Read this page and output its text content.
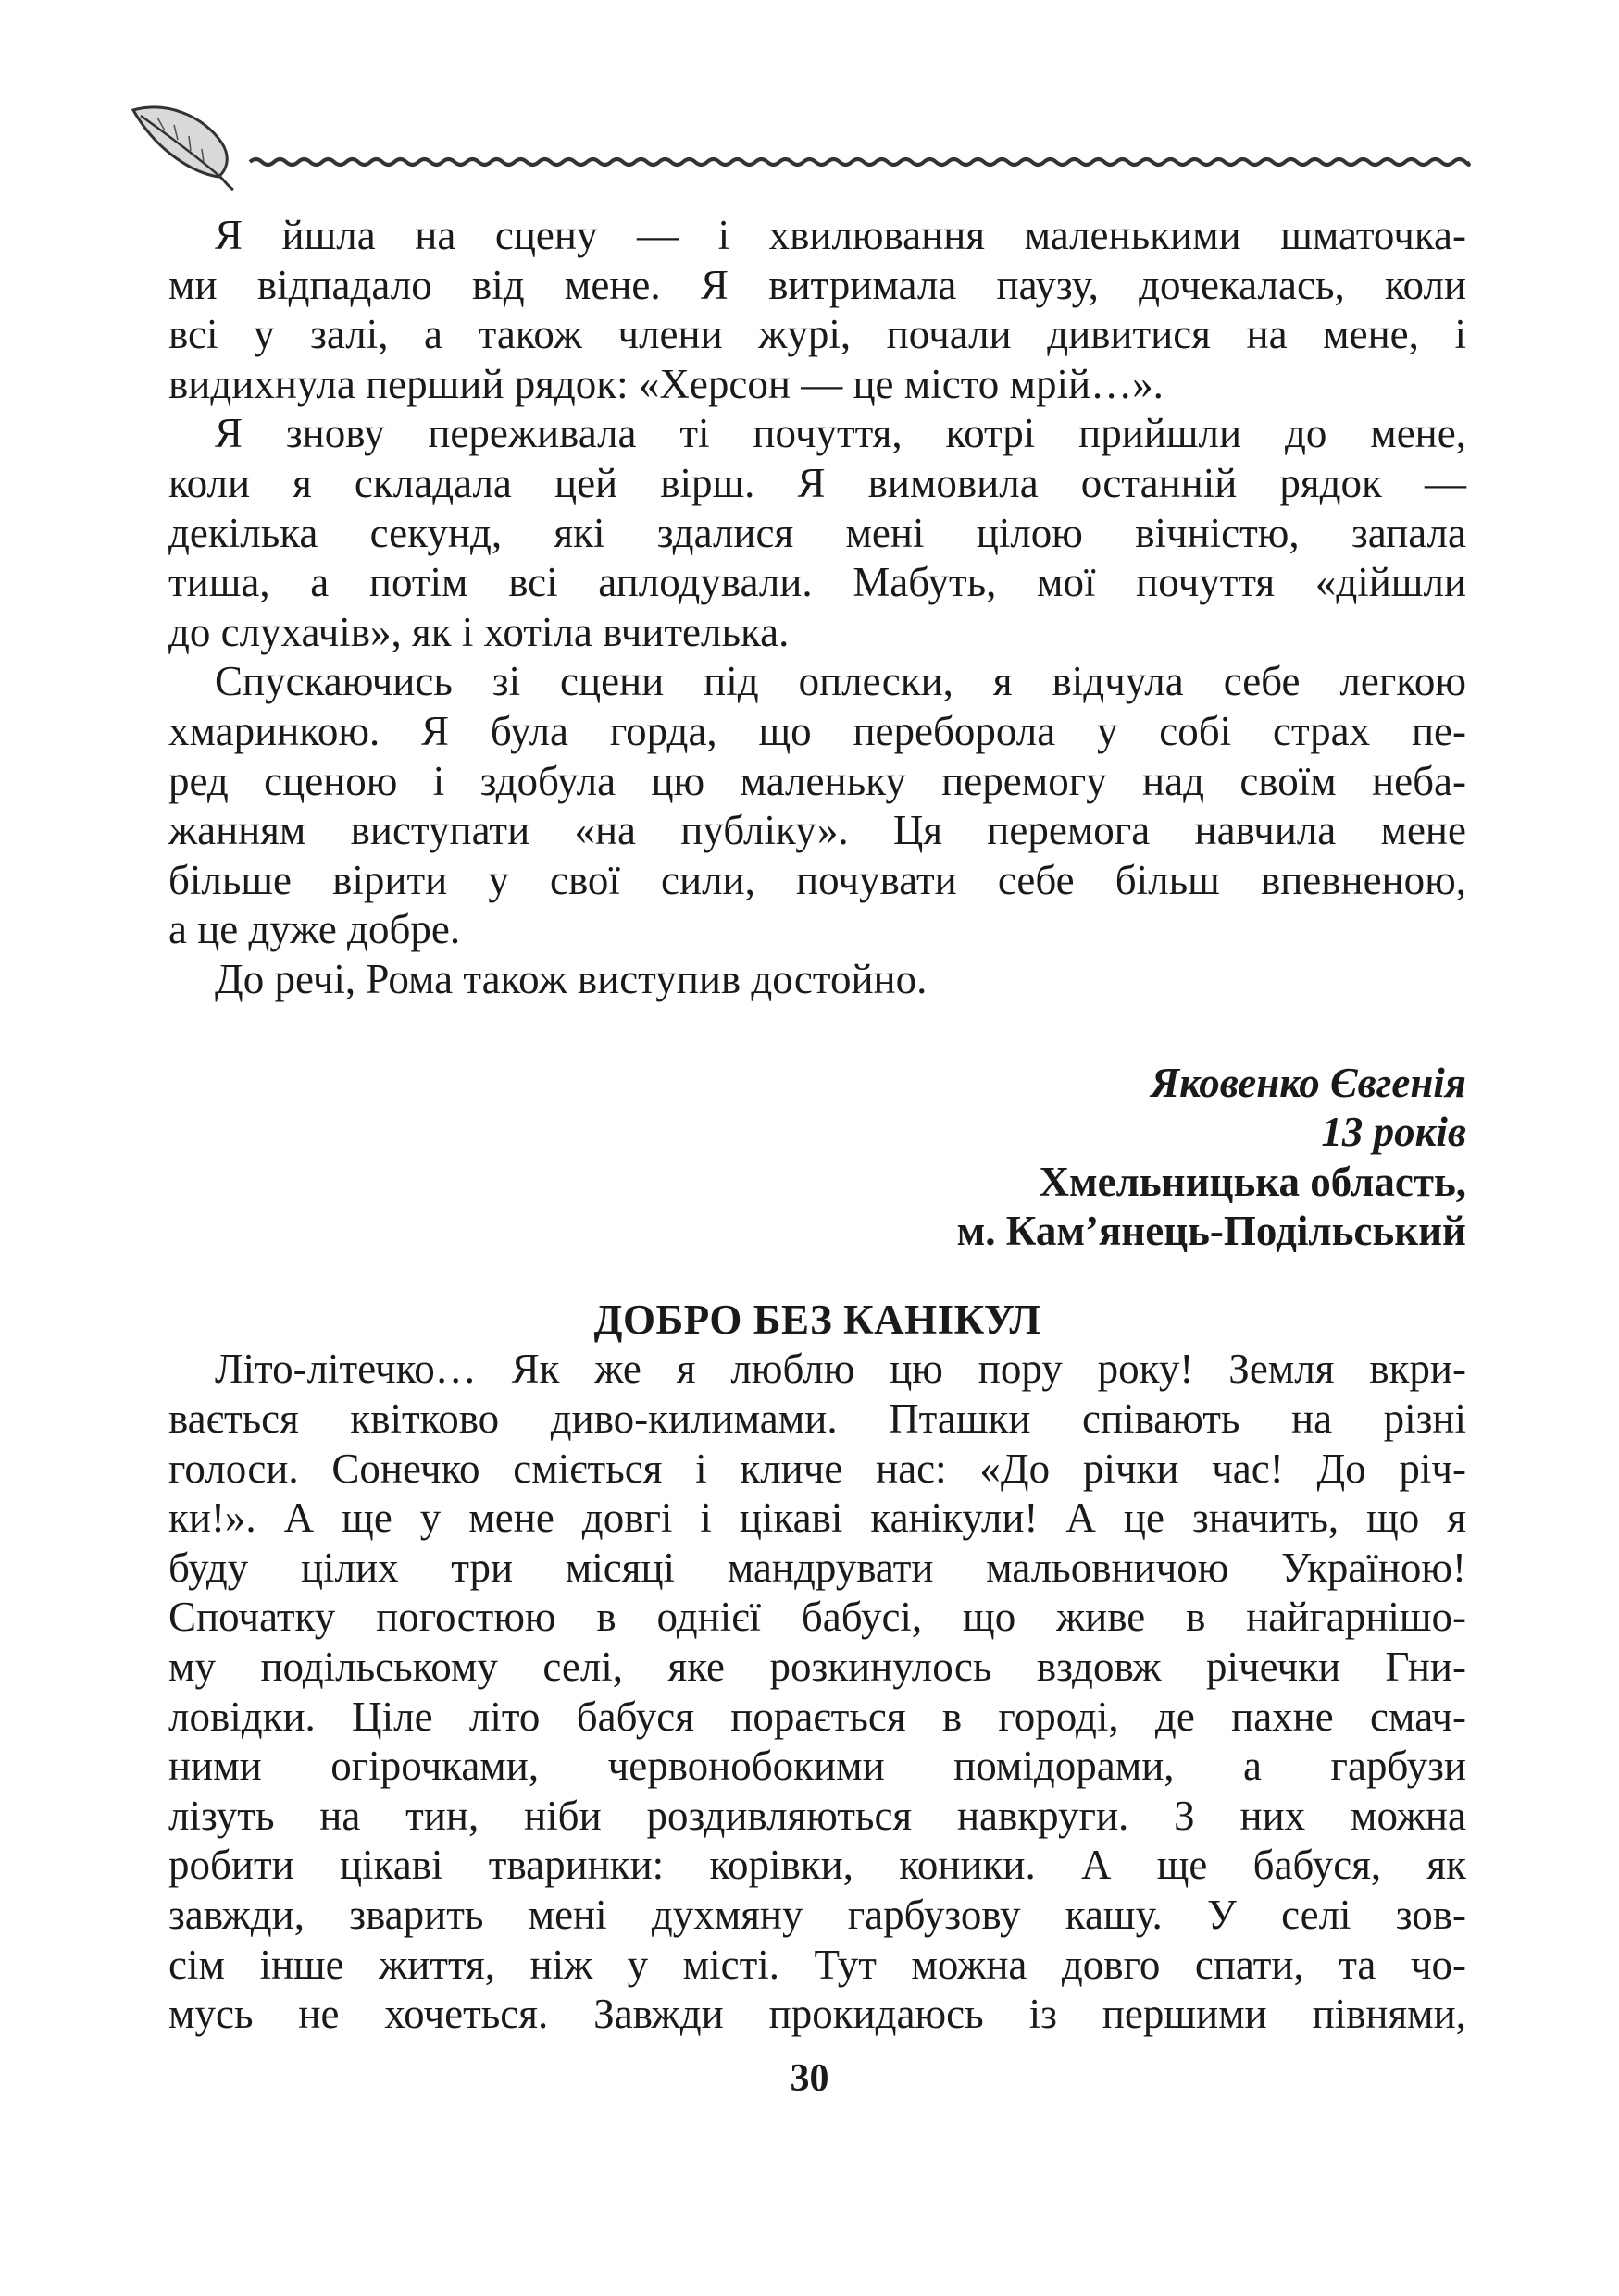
Я йшла на сцену — і хвилювання маленькими шматочка-
ми відпадало від мене. Я витримала паузу, дочекалась, коли
всі у залі, а також члени журі, почали дивитися на мене, і
видихнула перший рядок: «Херсон — це місто мрій…».
Я знову переживала ті почуття, котрі прийшли до мене,
коли я складала цей вірш. Я вимовила останній рядок —
декілька секунд, які здалися мені цілою вічністю, запала
тиша, а потім всі аплодували. Мабуть, мої почуття «дійшли
до слухачів», як і хотіла вчителька.
Спускаючись зі сцени під оплески, я відчула себе легкою
хмаринкою. Я була горда, що переборола у собі страх пе-
ред сценою і здобула цю маленьку перемогу над своїм неба-
жанням виступати «на публіку». Ця перемога навчила мене
більше вірити у свої сили, почувати себе більш впевненою,
а це дуже добре.
До речі, Рома також виступив достойно.
Яковенко Євгенія
13 років
Хмельницька область,
м. Кам’янець-Подільський
ДОБРО БЕЗ КАНІКУЛ
Літо-літечко… Як же я люблю цю пору року! Земля вкри-
вається квітково диво-килимами. Пташки співають на різні
голоси. Сонечко сміється і кличе нас: «До річки час! До річ-
ки!». А ще у мене довгі і цікаві канікули! А це значить, що я
буду цілих три місяці мандрувати мальовничою Україною!
Спочатку погостюю в однієї бабусі, що живе в найгарнішо-
му подільському селі, яке розкинулось вздовж річечки Гни-
ловідки. Ціле літо бабуся порається в городі, де пахне смач-
ними огірочками, червонобокими помідорами, а гарбузи
лізуть на тин, ніби роздивляються навкруги. З них можна
робити цікаві тваринки: корівки, коники. А ще бабуся, як
завжди, зварить мені духмяну гарбузову кашу. У селі зов-
сім інше життя, ніж у місті. Тут можна довго спати, та чо-
мусь не хочеться. Завжди прокидаюсь із першими півнями,
30
